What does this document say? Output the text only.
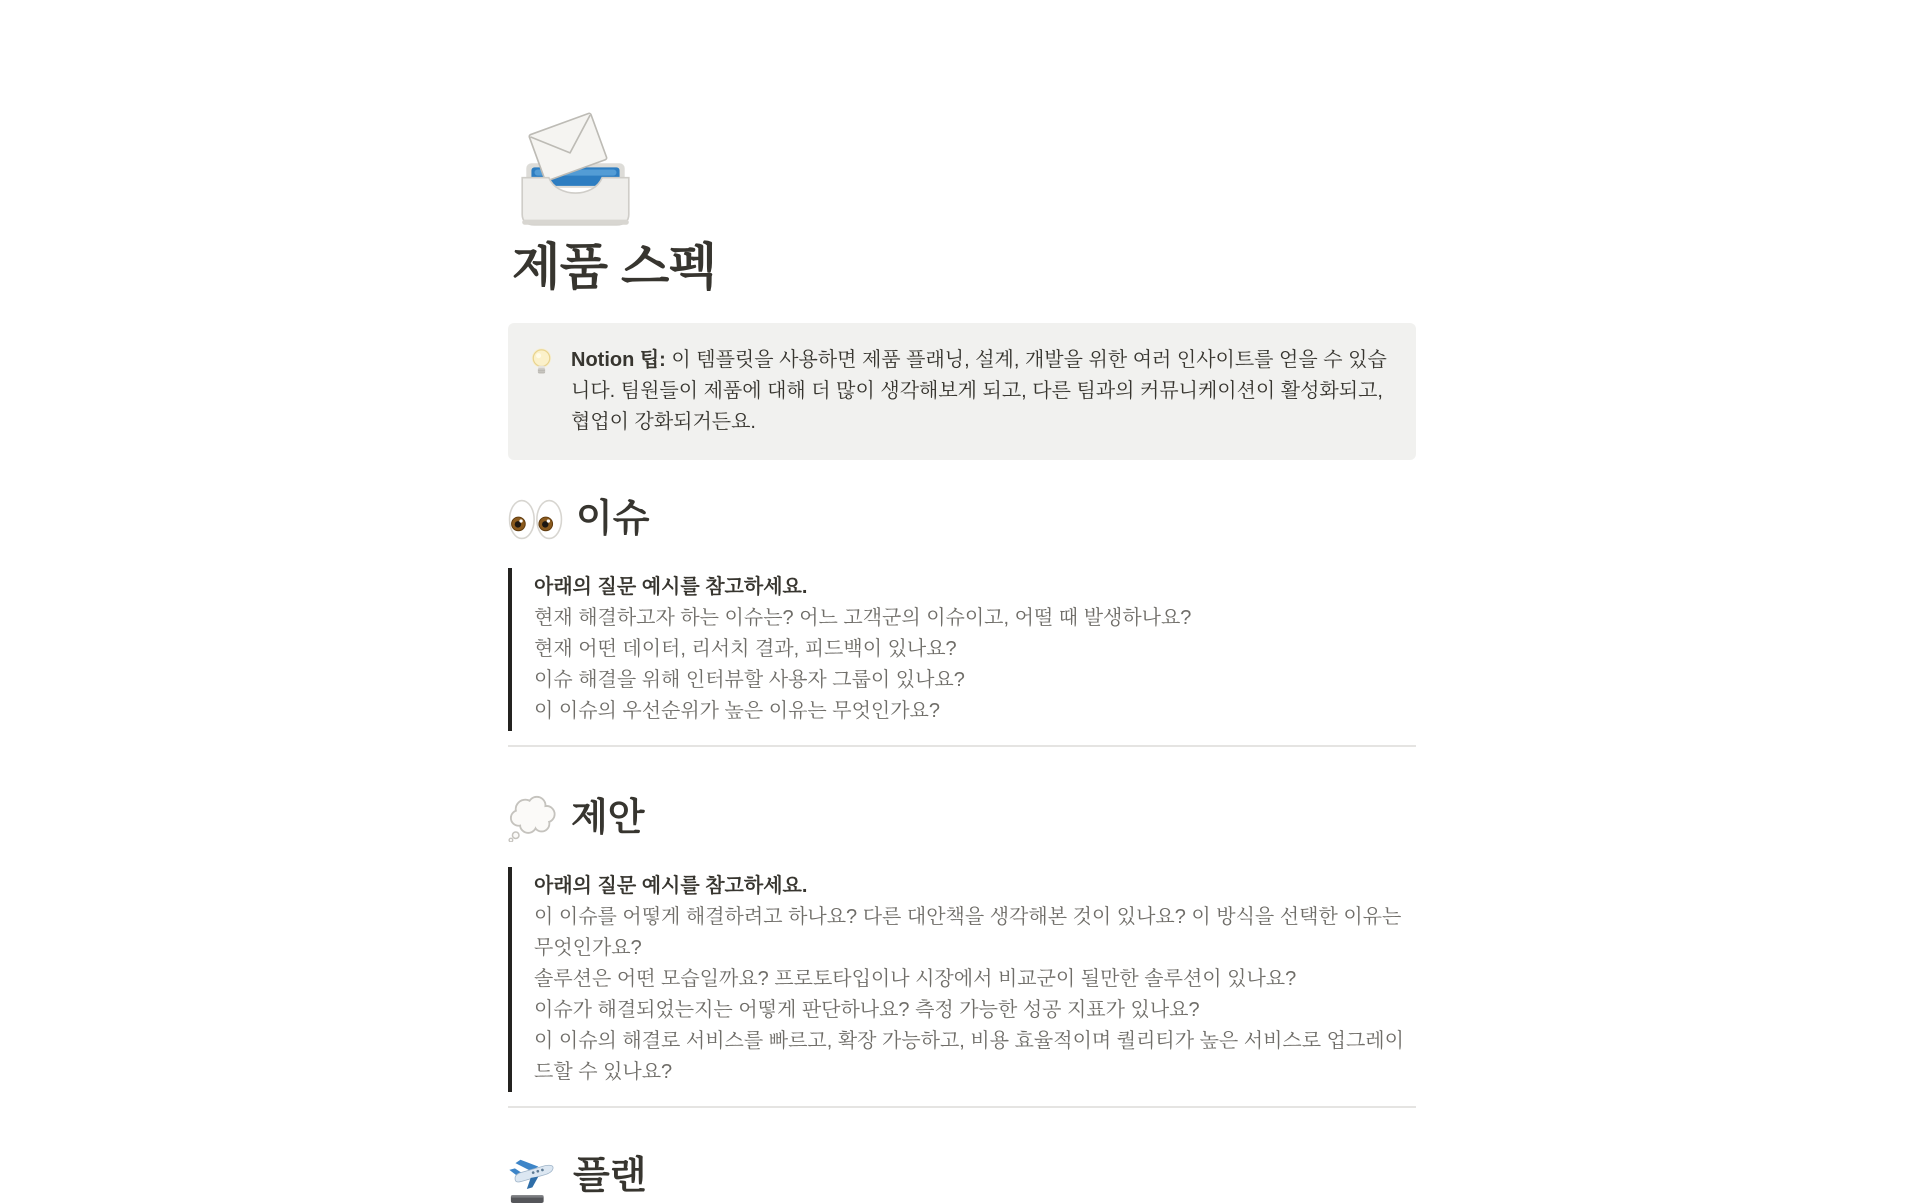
제품 스펙
Notion 팁: 이 템플릿을 사용하면 제품 플래닝, 설계, 개발을 위한 여러 인사이트를 얻을 수 있습니다. 팀원들이 제품에 대해 더 많이 생각해보게 되고, 다른 팀과의 커뮤니케이션이 활성화되고, 협업이 강화되거든요.
이슈
아래의 질문 예시를 참고하세요.
현재 해결하고자 하는 이슈는? 어느 고객군의 이슈이고, 어떨 때 발생하나요?
현재 어떤 데이터, 리서치 결과, 피드백이 있나요?
이슈 해결을 위해 인터뷰할 사용자 그룹이 있나요?
이 이슈의 우선순위가 높은 이유는 무엇인가요?
제안
아래의 질문 예시를 참고하세요.
이 이슈를 어떻게 해결하려고 하나요? 다른 대안책을 생각해본 것이 있나요? 이 방식을 선택한 이유는 무엇인가요?
솔루션은 어떤 모습일까요? 프로토타입이나 시장에서 비교군이 될만한 솔루션이 있나요?
이슈가 해결되었는지는 어떻게 판단하나요? 측정 가능한 성공 지표가 있나요?
이 이슈의 해결로 서비스를 빠르고, 확장 가능하고, 비용 효율적이며 퀄리티가 높은 서비스로 업그레이드할 수 있나요?
플랜
